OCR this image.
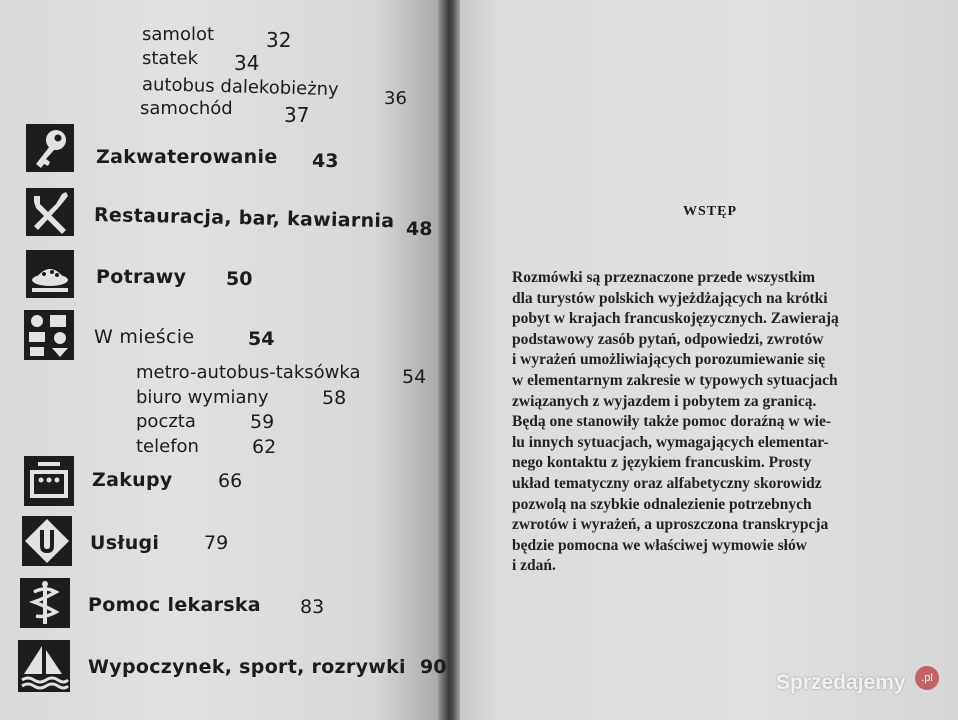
samolot	32
statek 34
autobus dalekobieżny	36
samochód	37
Zakwaterowanie 43
Restauracja, bar, kawiarnia 48
Potrawy 50
W mieście	54
metro-autobus-taksówka 54
biuro wymiany	58
poczta	59
telefon	62
Zakupy 66
Usługi 79
Pomoc lekarska 83
Wypoczynek, sport, rozrywki 90
WSTĘP
Rozmówki są przeznaczone przede wszystkim
dla turystów polskich wyjeżdżających na krótki
pobyt w krajach francuskojęzycznych. Zawierają
podstawowy zasób pytań, odpowiedzi, zwrotów
i wyrażeń umożliwiających porozumiewanie się
w elementarnym zakresie w typowych sytuacjach
związanych z wyjazdem i pobytem za granicą.
Będą one stanowiły także pomoc doraźną w wie-
lu innych sytuacjach, wymagających elementar-
nego kontaktu z językiem francuskim. Prosty
układ tematyczny oraz alfabetyczny skorowidz
pozwolą na szybkie odnalezienie potrzebnych
zwrotów i wyrażeń, a uproszczona transkrypcja
będzie pomocna we właściwej wymowie słów
i zdań.
Sprzedajemy	.pl
